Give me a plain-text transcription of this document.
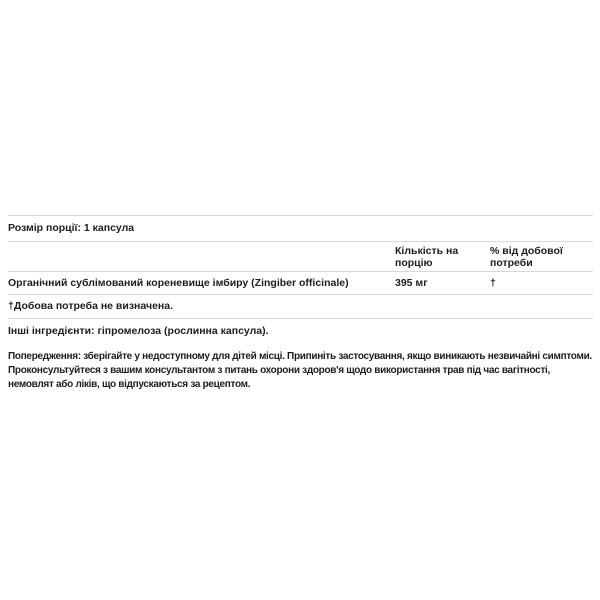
Розмір порції: 1 капсула
Кількість на порцію
% від добової потреби
Органічний сублімований кореневище імбиру (Zingiber officinale)	395 мг	†
†Добова потреба не визначена.
Інші інгредієнти: гіпромелоза (рослинна капсула).
Попередження: зберігайте у недоступному для дітей місці. Припиніть застосування, якщо виникають незвичайні симптоми.
Проконсультуйтеся з вашим консультантом з питань охорони здоров'я щодо використання трав під час вагітності,
немовлят або ліків, що відпускаються за рецептом.
